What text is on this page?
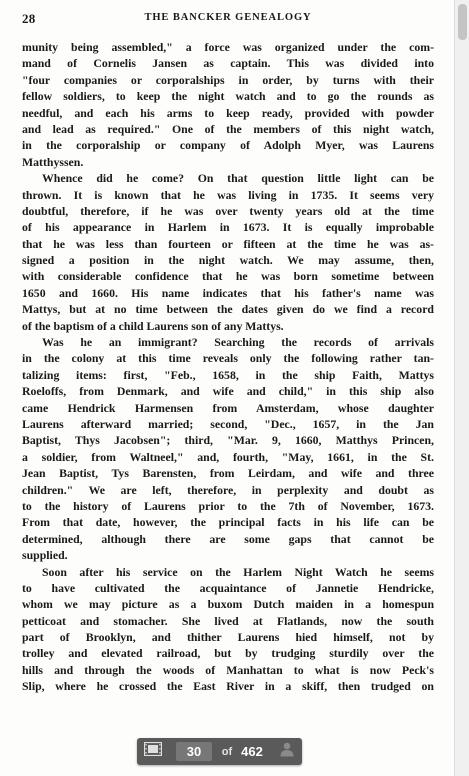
28	THE BANCKER GENEALOGY
munity being assembled," a force was organized under the com-
mand of Cornelis Jansen as captain. This was divided into
"four companies or corporalships in order, by turns with their
fellow soldiers, to keep the night watch and to go the rounds as
needful, and each his arms to keep ready, provided with powder
and lead as required." One of the members of this night watch,
in the corporalship or company of Adolph Myer, was Laurens
Matthyssen.
Whence did he come? On that question little light can be
thrown. It is known that he was living in 1735. It seems very
doubtful, therefore, if he was over twenty years old at the time
of his appearance in Harlem in 1673. It is equally improbable
that he was less than fourteen or fifteen at the time he was as-
signed a position in the night watch. We may assume, then,
with considerable confidence that he was born sometime between
1650 and 1660. His name indicates that his father's name was
Mattys, but at no time between the dates given do we find a record
of the baptism of a child Laurens son of any Mattys.
Was he an immigrant? Searching the records of arrivals
in the colony at this time reveals only the following rather tan-
talizing items: first, "Feb., 1658, in the ship Faith, Mattys
Roeloffs, from Denmark, and wife and child," in this ship also
came Hendrick Harmensen from Amsterdam, whose daughter
Laurens afterward married; second, "Dec., 1657, in the Jan
Baptist, Thys Jacobsen"; third, "Mar. 9, 1660, Matthys Princen,
a soldier, from Waltneel," and, fourth, "May, 1661, in the St.
Jean Baptist, Tys Barensten, from Leirdam, and wife and three
children." We are left, therefore, in perplexity and doubt as
to the history of Laurens prior to the 7th of November, 1673.
From that date, however, the principal facts in his life can be
determined, although there are some gaps that cannot be
supplied.
Soon after his service on the Harlem Night Watch he seems
to have cultivated the acquaintance of Jannetie Hendricke,
whom we may picture as a buxom Dutch maiden in a homespun
petticoat and stomacher. She lived at Flatlands, now the south
part of Brooklyn, and thither Laurens hied himself, not by
trolley and elevated railroad, but by trudging sturdily over the
hills and through the woods of Manhattan to what is now Peck's
Slip, where he crossed the East River in a skiff, then trudged on
30	of 462
